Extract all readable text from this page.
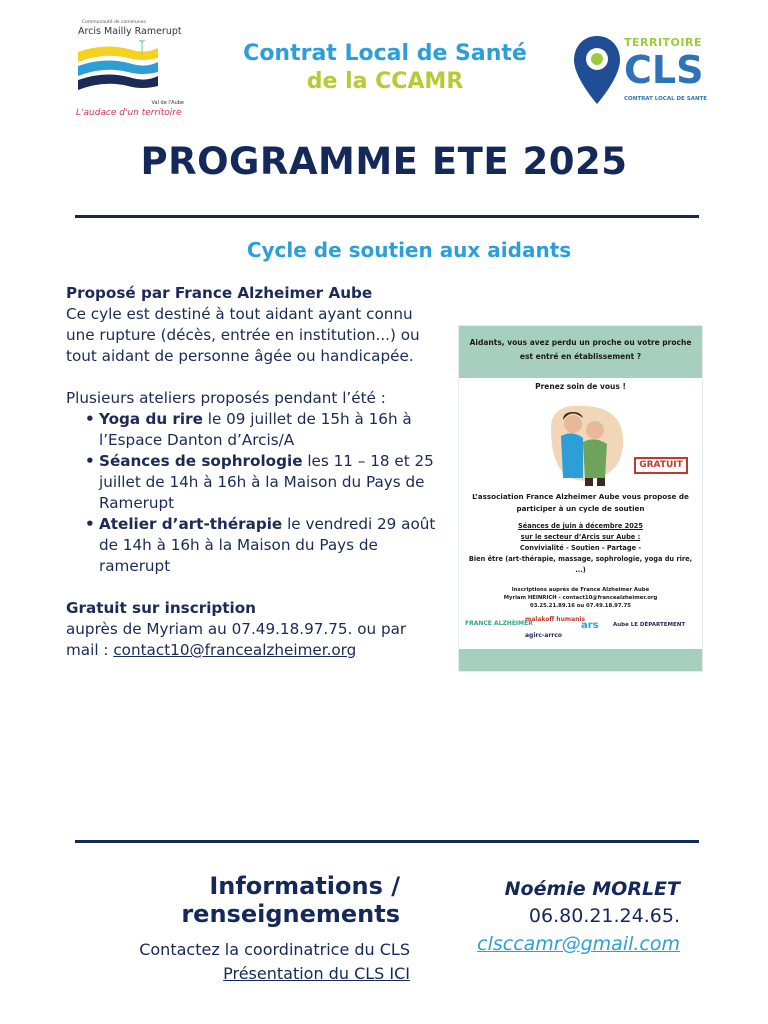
Communauté de communes
Arcis Mailly Ramerupt
Val de l'Aube
L'audace d'un territoire
Contrat Local de Santé
de la CCAMR
TERRITOIRE
CLS
CONTRAT LOCAL DE SANTE
PROGRAMME ETE 2025
Cycle de soutien aux aidants

Proposé par France Alzheimer Aube

Ce cyle est destiné à tout aidant ayant connu une rupture (décès, entrée en institution...) ou tout aidant de personne âgée ou handicapée.

Plusieurs ateliers proposés pendant l’été :

• Yoga du rire le 09 juillet de 15h à 16h à l’Espace Danton d’Arcis/A
• Séances de sophrologie les 11 – 18 et 25 juillet de 14h à 16h à la Maison du Pays de Ramerupt
• Atelier d’art-thérapie le vendredi 29 août de 14h à 16h à la Maison du Pays de ramerupt

Gratuit sur inscription

auprès de Myriam au 07.49.18.97.75. ou par mail : contact10@francealzheimer.org

Aidants, vous avez perdu un proche ou votre proche est entré en établissement ?
Prenez soin de vous !
GRATUIT
L’association France Alzheimer Aube vous propose de participer à un cycle de soutien
Séances de juin à décembre 2025
sur le secteur d’Arcis sur Aube :
Convivialité - Soutien - Partage -
Bien être (art-thérapie, massage, sophrologie, yoga du rire, ...)
Inscriptions auprès de France Alzheimer Aube
Myriam HEINRICH - contact10@francealzheimer.org
03.25.21.89.16 ou 07.49.18.97.75
FRANCE ALZHEIMER
malakoff humanis
agirc-arrco
ars	Aube LE DÉPARTEMENT
Informations / renseignements
Contactez la coordinatrice du CLS
Présentation du CLS ICI
Noémie MORLET
06.80.21.24.65.
clsccamr@gmail.com
